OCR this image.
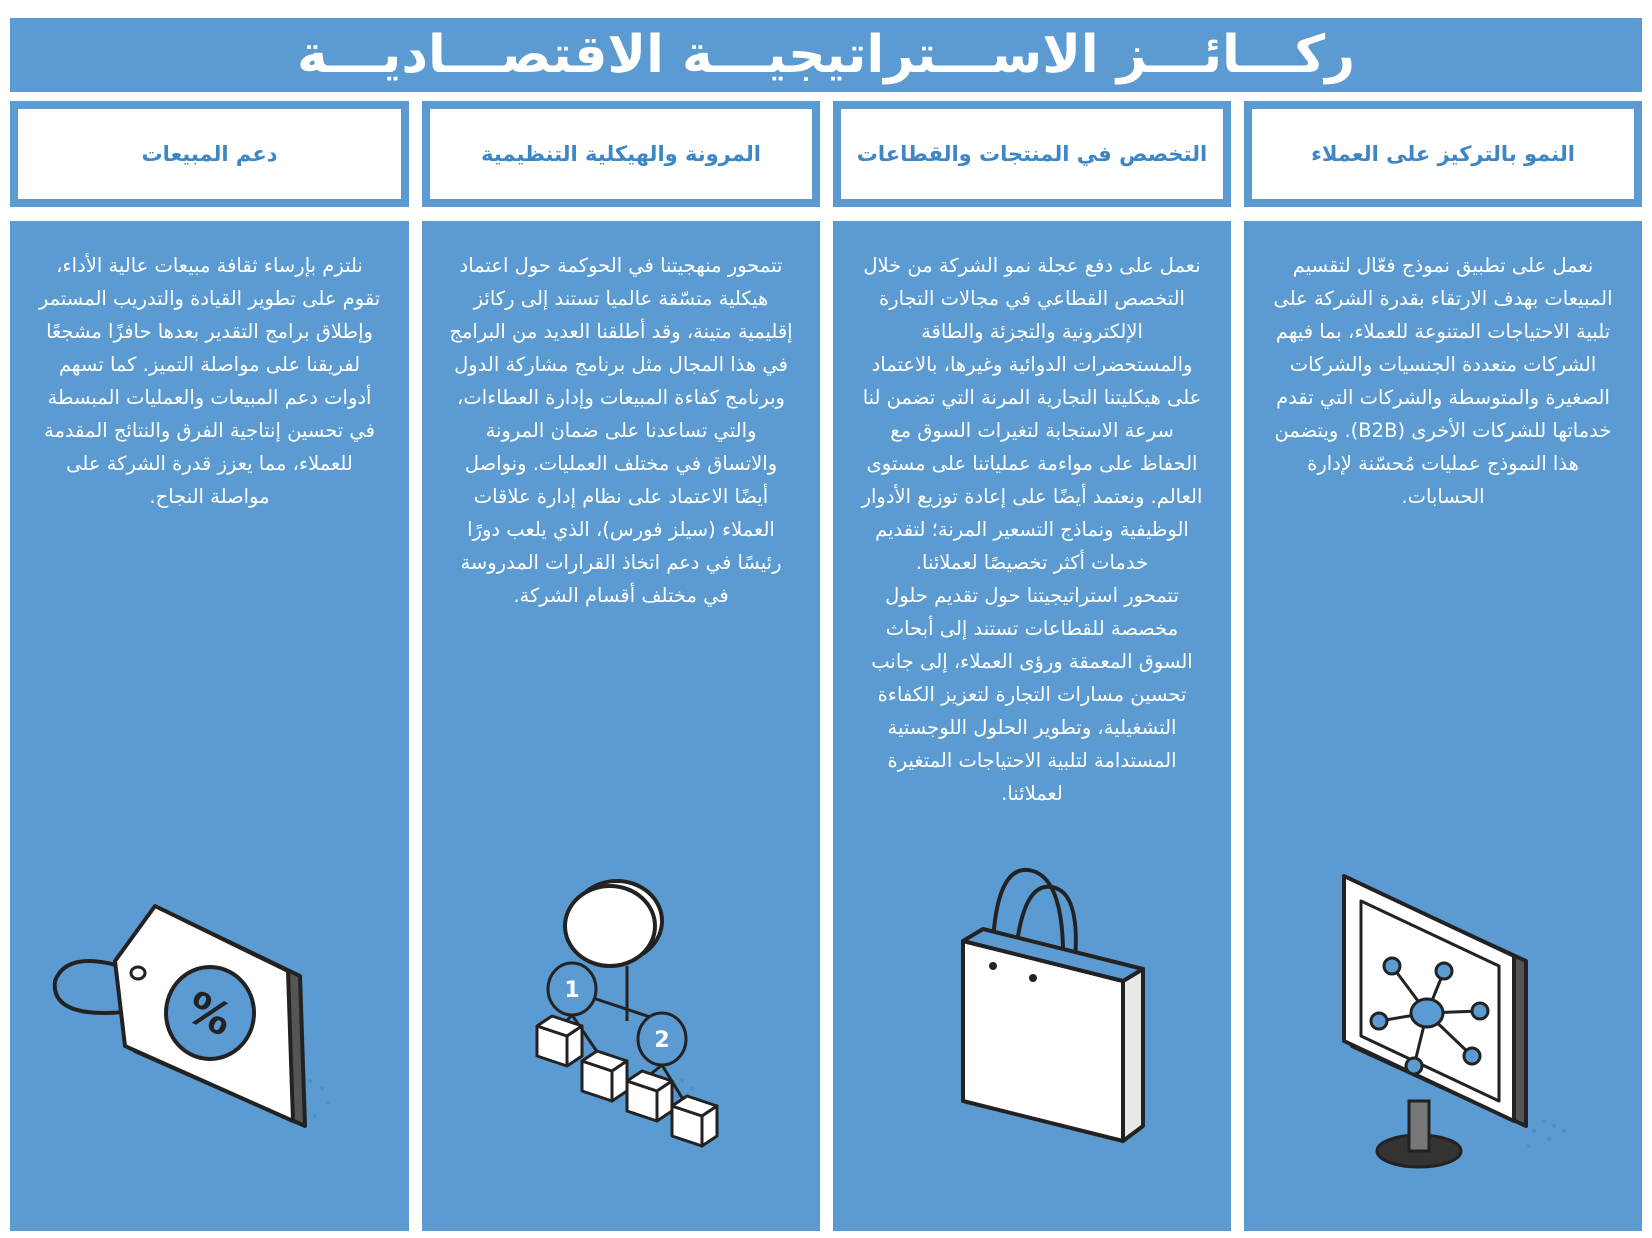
ركـــائـــز الاســـتراتيجيـــة الاقتصـــاديـــة
النمو بالتركيز على العملاء
التخصص في المنتجات والقطاعات
المرونة والهيكلية التنظيمية
دعم المبيعات
نعمل على تطبيق نموذج فعّال لتقسيم المبيعات بهدف الارتقاء بقدرة الشركة على تلبية الاحتياجات المتنوعة للعملاء، بما فيهم الشركات متعددة الجنسيات والشركات الصغيرة والمتوسطة والشركات التي تقدم خدماتها للشركات الأخرى (B2B). ويتضمن هذا النموذج عمليات مُحسّنة لإدارة الحسابات.
نعمل على دفع عجلة نمو الشركة من خلال التخصص القطاعي في مجالات التجارة الإلكترونية والتجزئة والطاقة والمستحضرات الدوائية وغيرها، بالاعتماد على هيكليتنا التجارية المرنة التي تضمن لنا سرعة الاستجابة لتغيرات السوق مع الحفاظ على مواءمة عملياتنا على مستوى العالم. ونعتمد أيضًا على إعادة توزيع الأدوار الوظيفية ونماذج التسعير المرنة؛ لتقديم خدمات أكثر تخصيصًا لعملائنا.
تتمحور استراتيجيتنا حول تقديم حلول مخصصة للقطاعات تستند إلى أبحاث السوق المعمقة ورؤى العملاء، إلى جانب تحسين مسارات التجارة لتعزيز الكفاءة التشغيلية، وتطوير الحلول اللوجستية المستدامة لتلبية الاحتياجات المتغيرة لعملائنا.
تتمحور منهجيتنا في الحوكمة حول اعتماد هيكلية متسّقة عالميا تستند إلى ركائز إقليمية متينة، وقد أطلقنا العديد من البرامج في هذا المجال مثل برنامج مشاركة الدول وبرنامج كفاءة المبيعات وإدارة العطاءات، والتي تساعدنا على ضمان المرونة والاتساق في مختلف العمليات. ونواصل أيضًا الاعتماد على نظام إدارة علاقات العملاء (سيلز فورس)، الذي يلعب دورًا رئيسًا في دعم اتخاذ القرارات المدروسة في مختلف أقسام الشركة.
1
2
نلتزم بإرساء ثقافة مبيعات عالية الأداء، تقوم على تطوير القيادة والتدريب المستمر وإطلاق برامج التقدير بعدها حافزًا مشجعًا لفريقنا على مواصلة التميز. كما تسهم أدوات دعم المبيعات والعمليات المبسطة في تحسين إنتاجية الفرق والنتائج المقدمة للعملاء، مما يعزز قدرة الشركة على مواصلة النجاح.
%
